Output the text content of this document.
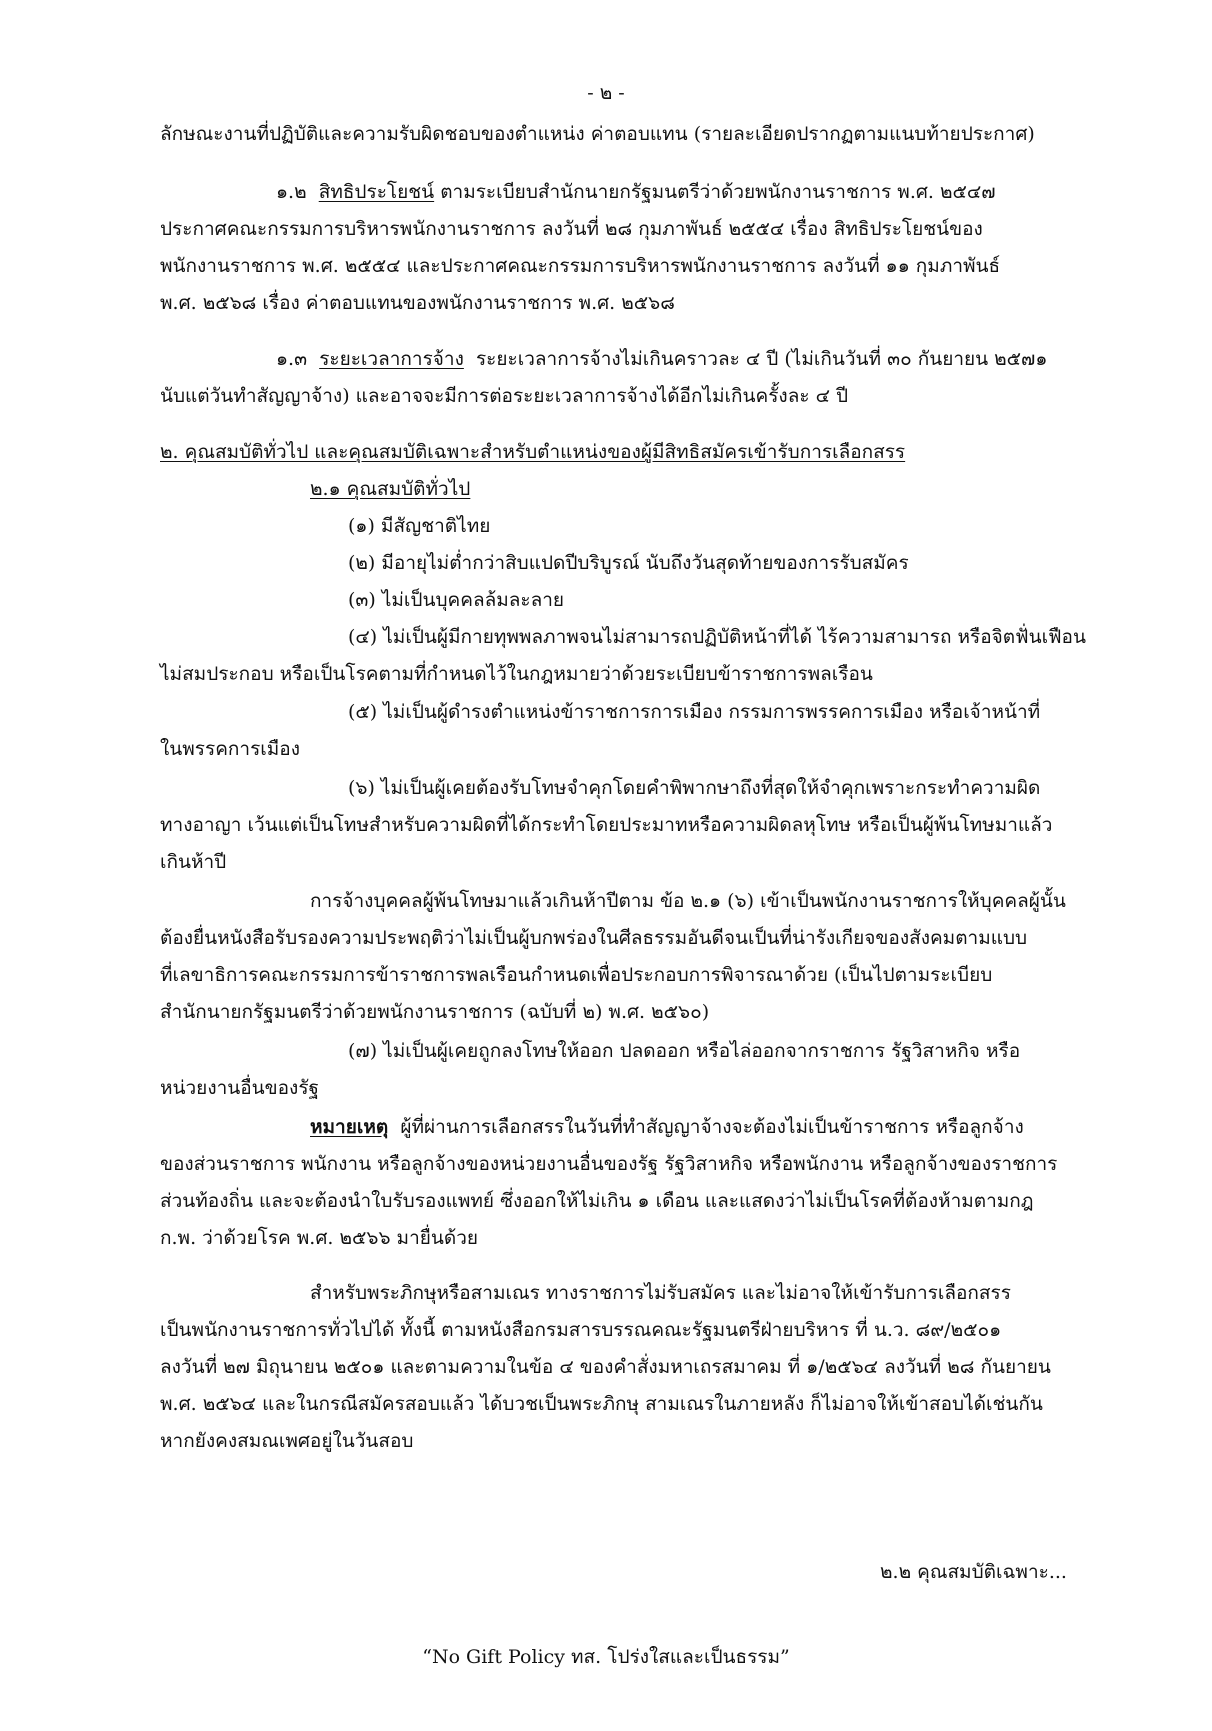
- ๒ -
ลักษณะงานที่ปฏิบัติและความรับผิดชอบของตำแหน่ง ค่าตอบแทน (รายละเอียดปรากฏตามแนบท้ายประกาศ)
๑.๒ สิทธิประโยชน์ ตามระเบียบสำนักนายกรัฐมนตรีว่าด้วยพนักงานราชการ พ.ศ. ๒๕๔๗
ประกาศคณะกรรมการบริหารพนักงานราชการ ลงวันที่ ๒๘ กุมภาพันธ์ ๒๕๕๔ เรื่อง สิทธิประโยชน์ของ
พนักงานราชการ พ.ศ. ๒๕๕๔ และประกาศคณะกรรมการบริหารพนักงานราชการ ลงวันที่ ๑๑ กุมภาพันธ์
พ.ศ. ๒๕๖๘ เรื่อง ค่าตอบแทนของพนักงานราชการ พ.ศ. ๒๕๖๘
๑.๓ ระยะเวลาการจ้าง ระยะเวลาการจ้างไม่เกินคราวละ ๔ ปี (ไม่เกินวันที่ ๓๐ กันยายน ๒๕๗๑
นับแต่วันทำสัญญาจ้าง) และอาจจะมีการต่อระยะเวลาการจ้างได้อีกไม่เกินครั้งละ ๔ ปี
๒. คุณสมบัติทั่วไป และคุณสมบัติเฉพาะสำหรับตำแหน่งของผู้มีสิทธิสมัครเข้ารับการเลือกสรร
๒.๑ คุณสมบัติทั่วไป
(๑) มีสัญชาติไทย
(๒) มีอายุไม่ต่ำกว่าสิบแปดปีบริบูรณ์ นับถึงวันสุดท้ายของการรับสมัคร
(๓) ไม่เป็นบุคคลล้มละลาย
(๔) ไม่เป็นผู้มีกายทุพพลภาพจนไม่สามารถปฏิบัติหน้าที่ได้ ไร้ความสามารถ หรือจิตฟั่นเฟือน
ไม่สมประกอบ หรือเป็นโรคตามที่กำหนดไว้ในกฎหมายว่าด้วยระเบียบข้าราชการพลเรือน
(๕) ไม่เป็นผู้ดำรงตำแหน่งข้าราชการการเมือง กรรมการพรรคการเมือง หรือเจ้าหน้าที่
ในพรรคการเมือง
(๖) ไม่เป็นผู้เคยต้องรับโทษจำคุกโดยคำพิพากษาถึงที่สุดให้จำคุกเพราะกระทำความผิด
ทางอาญา เว้นแต่เป็นโทษสำหรับความผิดที่ได้กระทำโดยประมาทหรือความผิดลหุโทษ หรือเป็นผู้พ้นโทษมาแล้ว
เกินห้าปี
การจ้างบุคคลผู้พ้นโทษมาแล้วเกินห้าปีตาม ข้อ ๒.๑ (๖) เข้าเป็นพนักงานราชการให้บุคคลผู้นั้น
ต้องยื่นหนังสือรับรองความประพฤติว่าไม่เป็นผู้บกพร่องในศีลธรรมอันดีจนเป็นที่น่ารังเกียจของสังคมตามแบบ
ที่เลขาธิการคณะกรรมการข้าราชการพลเรือนกำหนดเพื่อประกอบการพิจารณาด้วย (เป็นไปตามระเบียบ
สำนักนายกรัฐมนตรีว่าด้วยพนักงานราชการ (ฉบับที่ ๒) พ.ศ. ๒๕๖๐)
(๗) ไม่เป็นผู้เคยถูกลงโทษให้ออก ปลดออก หรือไล่ออกจากราชการ รัฐวิสาหกิจ หรือ
หน่วยงานอื่นของรัฐ
หมายเหตุ ผู้ที่ผ่านการเลือกสรรในวันที่ทำสัญญาจ้างจะต้องไม่เป็นข้าราชการ หรือลูกจ้าง
ของส่วนราชการ พนักงาน หรือลูกจ้างของหน่วยงานอื่นของรัฐ รัฐวิสาหกิจ หรือพนักงาน หรือลูกจ้างของราชการ
ส่วนท้องถิ่น และจะต้องนำใบรับรองแพทย์ ซึ่งออกให้ไม่เกิน ๑ เดือน และแสดงว่าไม่เป็นโรคที่ต้องห้ามตามกฎ
ก.พ. ว่าด้วยโรค พ.ศ. ๒๕๖๖ มายื่นด้วย
สำหรับพระภิกษุหรือสามเณร ทางราชการไม่รับสมัคร และไม่อาจให้เข้ารับการเลือกสรร
เป็นพนักงานราชการทั่วไปได้ ทั้งนี้ ตามหนังสือกรมสารบรรณคณะรัฐมนตรีฝ่ายบริหาร ที่ น.ว. ๘๙/๒๕๐๑
ลงวันที่ ๒๗ มิถุนายน ๒๕๐๑ และตามความในข้อ ๔ ของคำสั่งมหาเถรสมาคม ที่ ๑/๒๕๖๔ ลงวันที่ ๒๘ กันยายน
พ.ศ. ๒๕๖๔ และในกรณีสมัครสอบแล้ว ได้บวชเป็นพระภิกษุ สามเณรในภายหลัง ก็ไม่อาจให้เข้าสอบได้เช่นกัน
หากยังคงสมณเพศอยู่ในวันสอบ
๒.๒ คุณสมบัติเฉพาะ...
“No Gift Policy ทส. โปร่งใสและเป็นธรรม”
